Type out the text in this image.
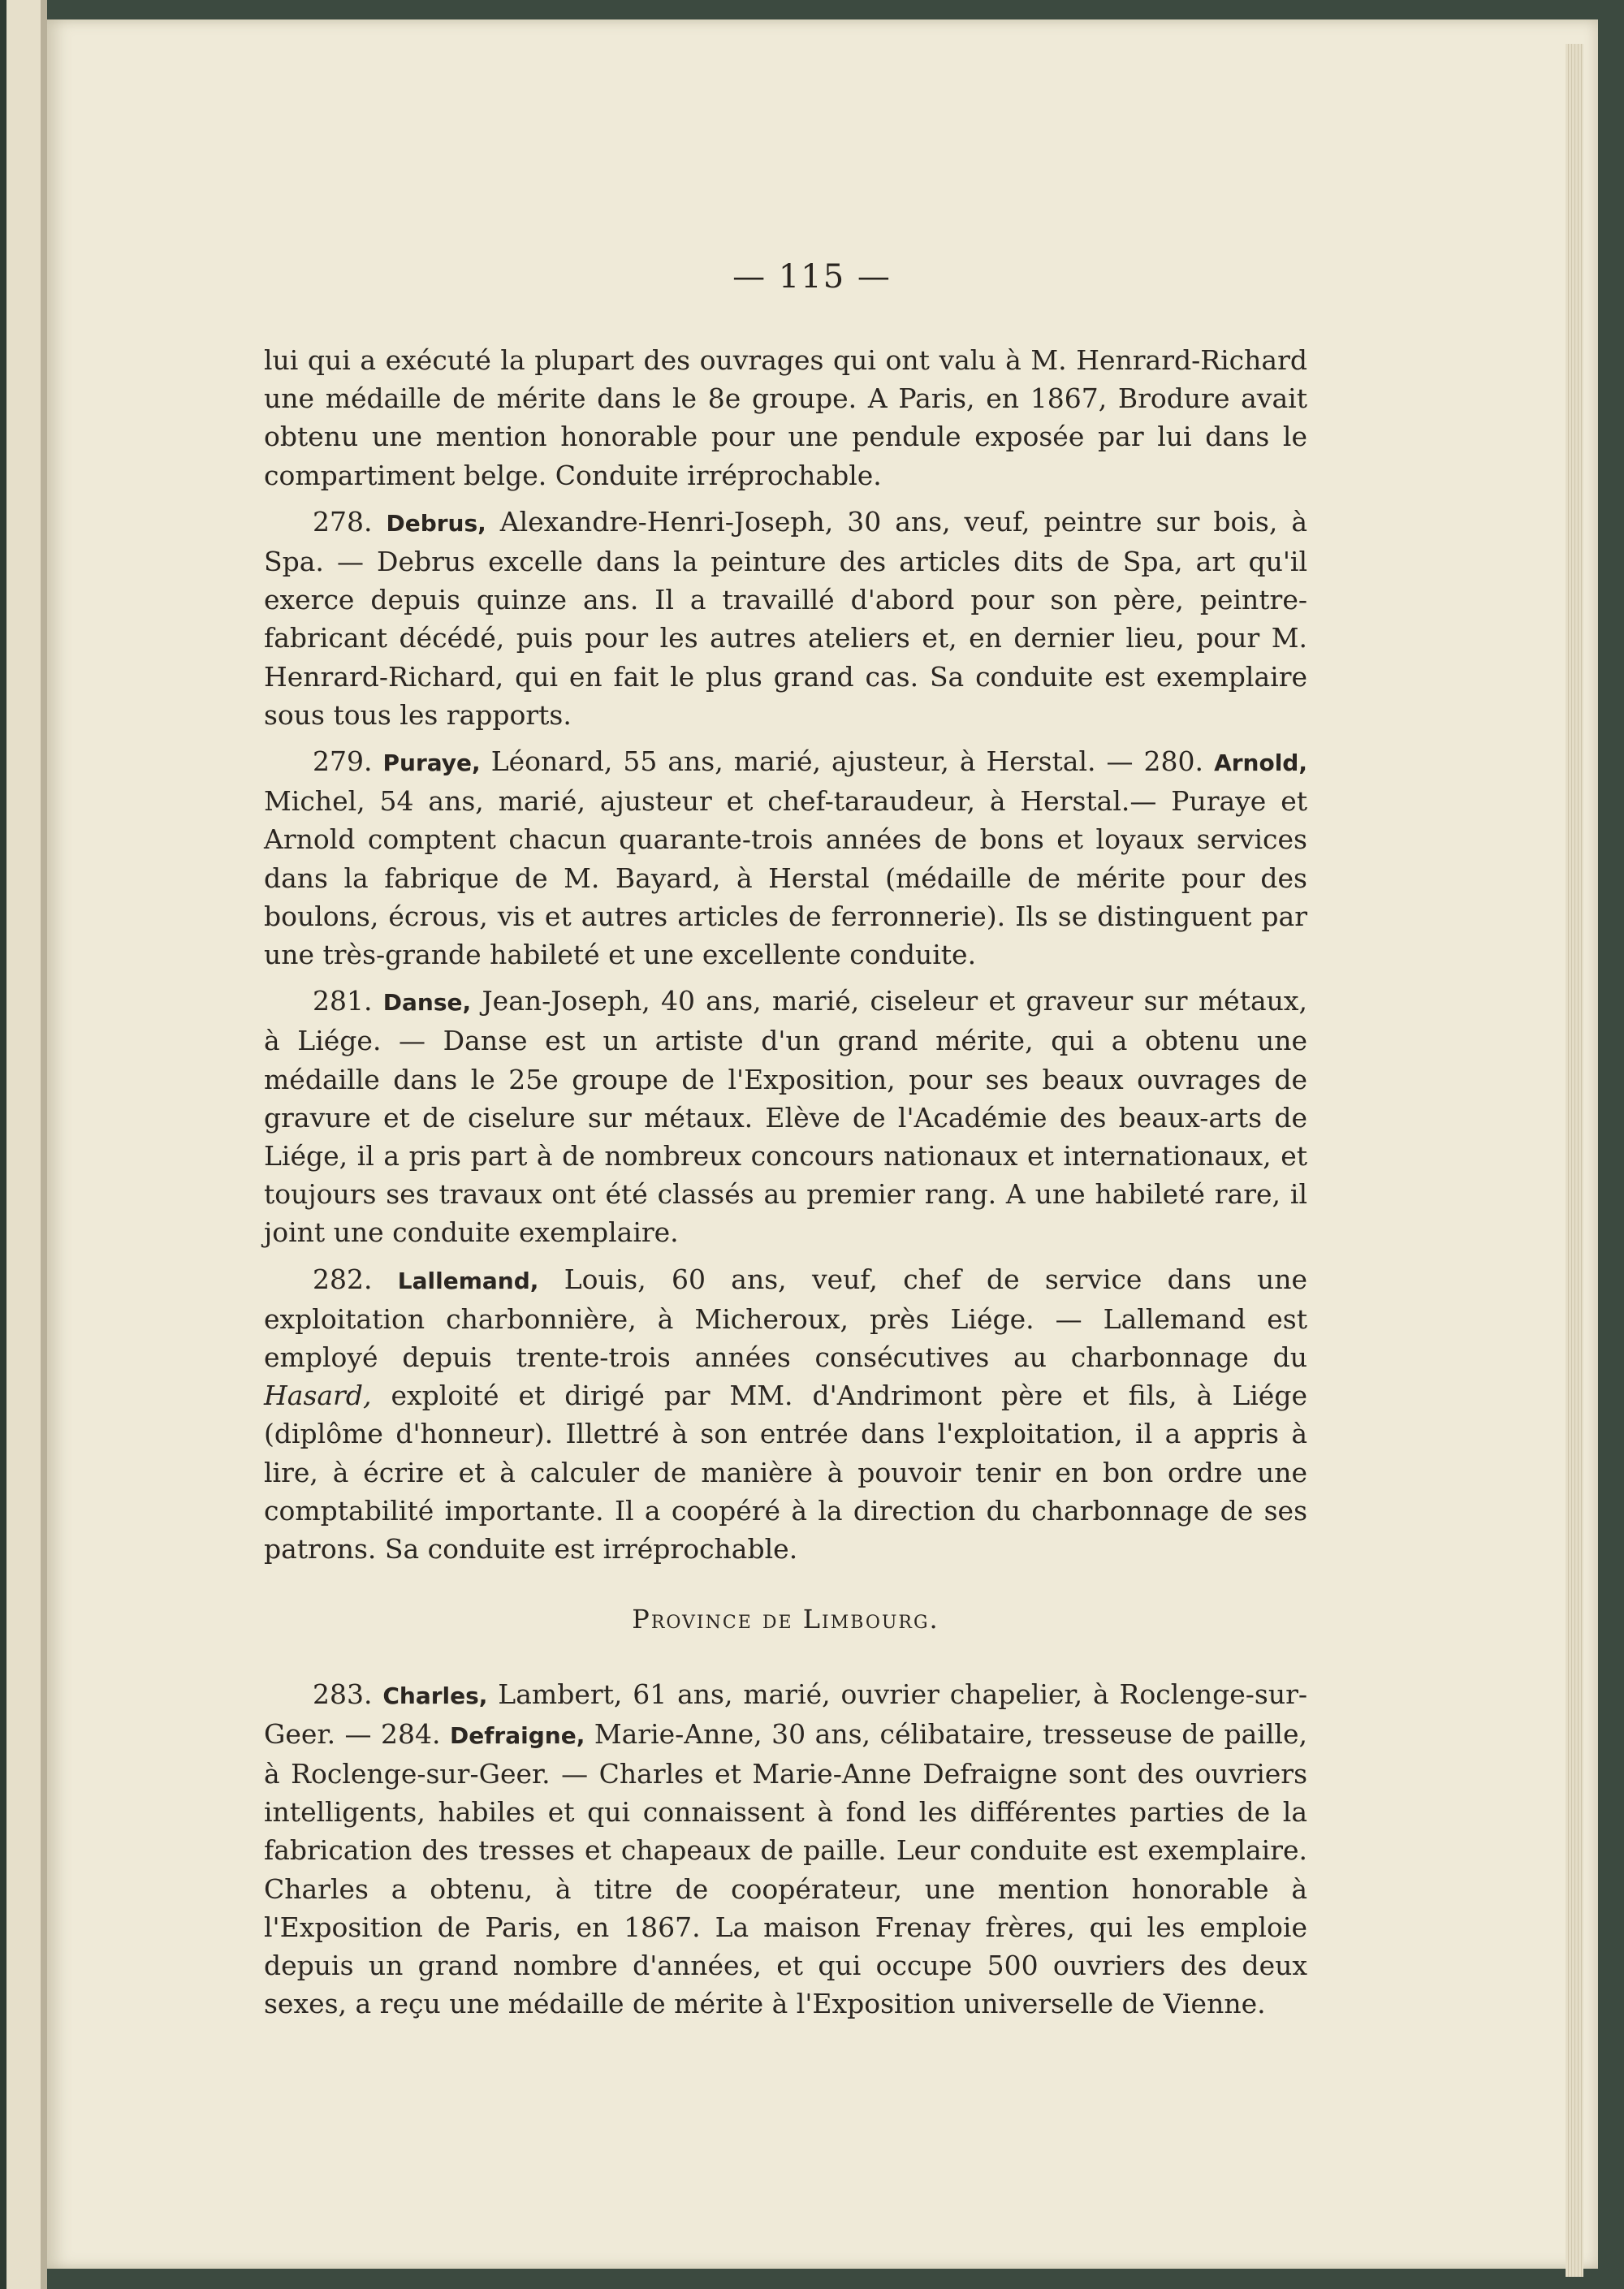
— 115 —

lui qui a exécuté la plupart des ouvrages qui ont valu à M. Henrard-Richard une médaille de mérite dans le 8e groupe. A Paris, en 1867, Brodure avait obtenu une mention honorable pour une pendule exposée par lui dans le compartiment belge. Conduite irréprochable.

278. Debrus, Alexandre-Henri-Joseph, 30 ans, veuf, peintre sur bois, à Spa. — Debrus excelle dans la peinture des articles dits de Spa, art qu'il exerce depuis quinze ans. Il a travaillé d'abord pour son père, peintre-fabricant décédé, puis pour les autres ateliers et, en dernier lieu, pour M. Henrard-Richard, qui en fait le plus grand cas. Sa conduite est exemplaire sous tous les rapports.

279. Puraye, Léonard, 55 ans, marié, ajusteur, à Herstal. — 280. Arnold, Michel, 54 ans, marié, ajusteur et chef-taraudeur, à Herstal.— Puraye et Arnold comptent chacun quarante-trois années de bons et loyaux services dans la fabrique de M. Bayard, à Herstal (médaille de mérite pour des boulons, écrous, vis et autres articles de ferronnerie). Ils se distinguent par une très-grande habileté et une excellente conduite.

281. Danse, Jean-Joseph, 40 ans, marié, ciseleur et graveur sur métaux, à Liége. — Danse est un artiste d'un grand mérite, qui a obtenu une médaille dans le 25e groupe de l'Exposition, pour ses beaux ouvrages de gravure et de ciselure sur métaux. Elève de l'Académie des beaux-arts de Liége, il a pris part à de nombreux concours nationaux et internationaux, et toujours ses travaux ont été classés au premier rang. A une habileté rare, il joint une conduite exemplaire.

282. Lallemand, Louis, 60 ans, veuf, chef de service dans une exploitation charbonnière, à Micheroux, près Liége. — Lallemand est employé depuis trente-trois années consécutives au charbonnage du Hasard, exploité et dirigé par MM. d'Andrimont père et fils, à Liége (diplôme d'honneur). Illettré à son entrée dans l'exploitation, il a appris à lire, à écrire et à calculer de manière à pouvoir tenir en bon ordre une comptabilité importante. Il a coopéré à la direction du charbonnage de ses patrons. Sa conduite est irréprochable.

Province de Limbourg.

283. Charles, Lambert, 61 ans, marié, ouvrier chapelier, à Roclenge-sur-Geer. — 284. Defraigne, Marie-Anne, 30 ans, célibataire, tresseuse de paille, à Roclenge-sur-Geer. — Charles et Marie-Anne Defraigne sont des ouvriers intelligents, habiles et qui connaissent à fond les différentes parties de la fabrication des tresses et chapeaux de paille. Leur conduite est exemplaire. Charles a obtenu, à titre de coopérateur, une mention honorable à l'Exposition de Paris, en 1867. La maison Frenay frères, qui les emploie depuis un grand nombre d'années, et qui occupe 500 ouvriers des deux sexes, a reçu une médaille de mérite à l'Exposition universelle de Vienne.
